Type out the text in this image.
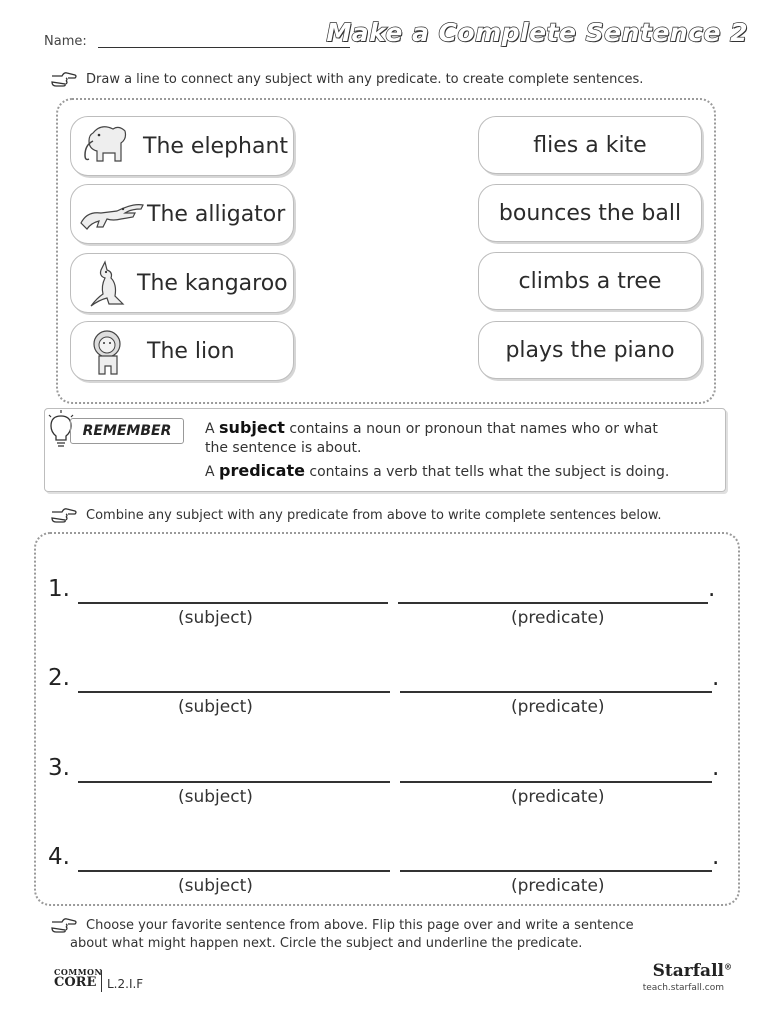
Name:	Make a Complete Sentence 2
Draw a line to connect any subject with any predicate. to create complete sentences.
The elephant
The alligator
The kangaroo
The lion
flies a kite
bounces the ball
climbs a tree
plays the piano
REMEMBER	A subject contains a noun or pronoun that names who or what
the sentence is about.
A predicate contains a verb that tells what the subject is doing.
Combine any subject with any predicate from above to write complete sentences below.
1.	.
(subject)	(predicate)
2.	.
(subject)	(predicate)
3.	.
(subject)	(predicate)
4.	.
(subject)	(predicate)
Choose your favorite sentence from above. Flip this page over and write a sentence
about what might happen next. Circle the subject and underline the predicate.
COMMON
CORE L.2.I.F
Starfall®
teach.starfall.com
